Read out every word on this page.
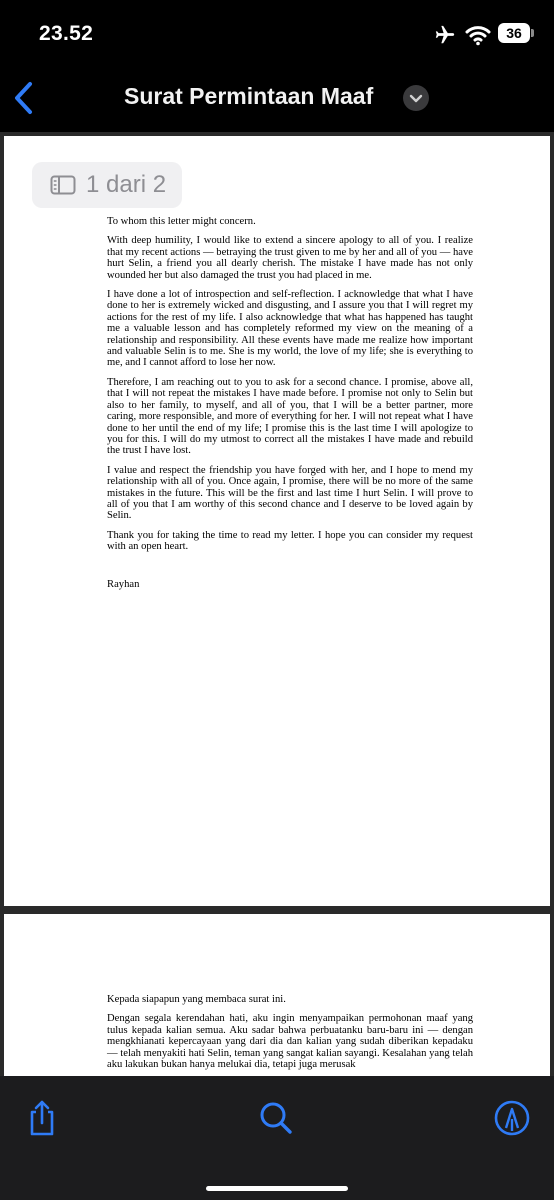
23.52	36
Surat Permintaan Maaf
1 dari 2

To whom this letter might concern.

With deep humility, I would like to extend a sincere apology to all of you. I realize that my recent actions — betraying the trust given to me by her and all of you — have hurt Selin, a friend you all dearly cherish. The mistake I have made has not only wounded her but also damaged the trust you had placed in me.

I have done a lot of introspection and self-reflection. I acknowledge that what I have done to her is extremely wicked and disgusting, and I assure you that I will regret my actions for the rest of my life. I also acknowledge that what has happened has taught me a valuable lesson and has completely reformed my view on the meaning of a relationship and responsibility. All these events have made me realize how important and valuable Selin is to me. She is my world, the love of my life; she is everything to me, and I cannot afford to lose her now.

Therefore, I am reaching out to you to ask for a second chance. I promise, above all, that I will not repeat the mistakes I have made before. I promise not only to Selin but also to her family, to myself, and all of you, that I will be a better partner, more caring, more responsible, and more of everything for her. I will not repeat what I have done to her until the end of my life; I promise this is the last time I will apologize to you for this. I will do my utmost to correct all the mistakes I have made and rebuild the trust I have lost.

I value and respect the friendship you have forged with her, and I hope to mend my relationship with all of you. Once again, I promise, there will be no more of the same mistakes in the future. This will be the first and last time I hurt Selin. I will prove to all of you that I am worthy of this second chance and I deserve to be loved again by Selin.

Thank you for taking the time to read my letter. I hope you can consider my request with an open heart.

Rayhan

Kepada siapapun yang membaca surat ini.

Dengan segala kerendahan hati, aku ingin menyampaikan permohonan maaf yang tulus kepada kalian semua. Aku sadar bahwa perbuatanku baru-baru ini — dengan mengkhianati kepercayaan yang dari dia dan kalian yang sudah diberikan kepadaku — telah menyakiti hati Selin, teman yang sangat kalian sayangi. Kesalahan yang telah aku lakukan bukan hanya melukai dia, tetapi juga merusak
